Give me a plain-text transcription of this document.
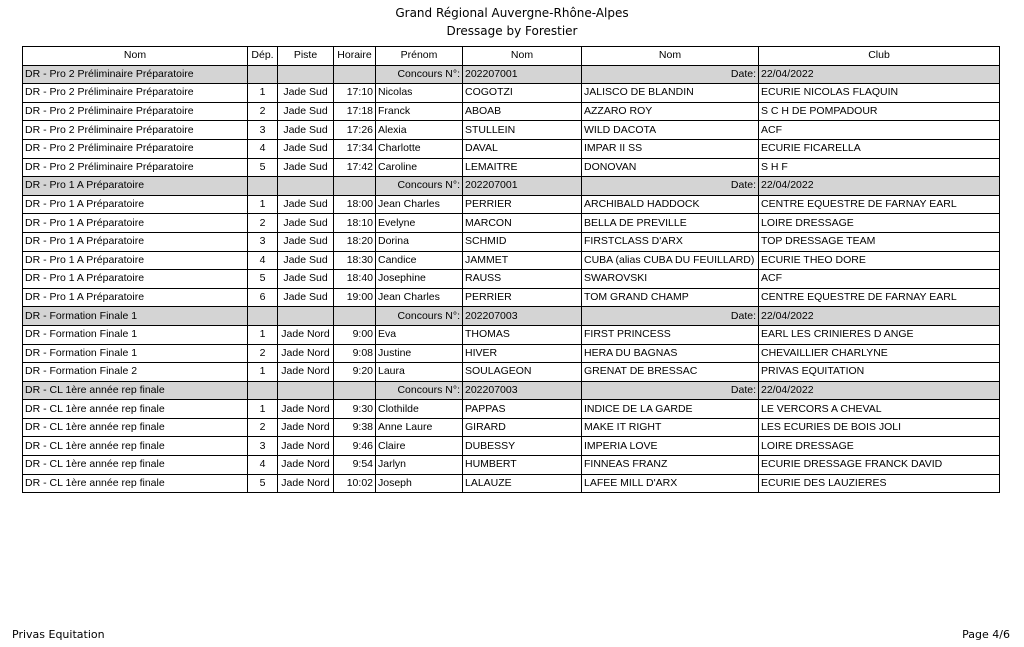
Grand Régional Auvergne-Rhône-Alpes
Dressage by Forestier
Nom	Dép.	Piste	Horaire	Prénom	Nom	Nom	Club
DR - Pro 2 Préliminaire Préparatoire				Concours N°:	202207001	Date:	22/04/2022
DR - Pro 2 Préliminaire Préparatoire	1	Jade Sud	17:10	Nicolas	COGOTZI	JALISCO DE BLANDIN	ECURIE NICOLAS FLAQUIN
DR - Pro 2 Préliminaire Préparatoire	2	Jade Sud	17:18	Franck	ABOAB	AZZARO ROY	S C H DE POMPADOUR
DR - Pro 2 Préliminaire Préparatoire	3	Jade Sud	17:26	Alexia	STULLEIN	WILD DACOTA	ACF
DR - Pro 2 Préliminaire Préparatoire	4	Jade Sud	17:34	Charlotte	DAVAL	IMPAR II SS	ECURIE FICARELLA
DR - Pro 2 Préliminaire Préparatoire	5	Jade Sud	17:42	Caroline	LEMAITRE	DONOVAN	S H F
DR - Pro 1 A Préparatoire				Concours N°:	202207001	Date:	22/04/2022
DR - Pro 1 A Préparatoire	1	Jade Sud	18:00	Jean Charles	PERRIER	ARCHIBALD HADDOCK	CENTRE EQUESTRE DE FARNAY EARL
DR - Pro 1 A Préparatoire	2	Jade Sud	18:10	Evelyne	MARCON	BELLA DE PREVILLE	LOIRE DRESSAGE
DR - Pro 1 A Préparatoire	3	Jade Sud	18:20	Dorina	SCHMID	FIRSTCLASS D'ARX	TOP DRESSAGE TEAM
DR - Pro 1 A Préparatoire	4	Jade Sud	18:30	Candice	JAMMET	CUBA (alias CUBA DU FEUILLARD)	ECURIE THEO DORE
DR - Pro 1 A Préparatoire	5	Jade Sud	18:40	Josephine	RAUSS	SWAROVSKI	ACF
DR - Pro 1 A Préparatoire	6	Jade Sud	19:00	Jean Charles	PERRIER	TOM GRAND CHAMP	CENTRE EQUESTRE DE FARNAY EARL
DR - Formation Finale 1				Concours N°:	202207003	Date:	22/04/2022
DR - Formation Finale 1	1	Jade Nord	9:00	Eva	THOMAS	FIRST PRINCESS	EARL LES CRINIERES D ANGE
DR - Formation Finale 1	2	Jade Nord	9:08	Justine	HIVER	HERA DU BAGNAS	CHEVAILLIER CHARLYNE
DR - Formation Finale 2	1	Jade Nord	9:20	Laura	SOULAGEON	GRENAT DE BRESSAC	PRIVAS EQUITATION
DR - CL 1ère année rep finale				Concours N°:	202207003	Date:	22/04/2022
DR - CL 1ère année rep finale	1	Jade Nord	9:30	Clothilde	PAPPAS	INDICE DE LA GARDE	LE VERCORS A CHEVAL
DR - CL 1ère année rep finale	2	Jade Nord	9:38	Anne Laure	GIRARD	MAKE IT RIGHT	LES ECURIES DE BOIS JOLI
DR - CL 1ère année rep finale	3	Jade Nord	9:46	Claire	DUBESSY	IMPERIA LOVE	LOIRE DRESSAGE
DR - CL 1ère année rep finale	4	Jade Nord	9:54	Jarlyn	HUMBERT	FINNEAS FRANZ	ECURIE DRESSAGE FRANCK DAVID
DR - CL 1ère année rep finale	5	Jade Nord	10:02	Joseph	LALAUZE	LAFEE MILL D'ARX	ECURIE DES LAUZIERES
Privas Equitation	Page 4/6
